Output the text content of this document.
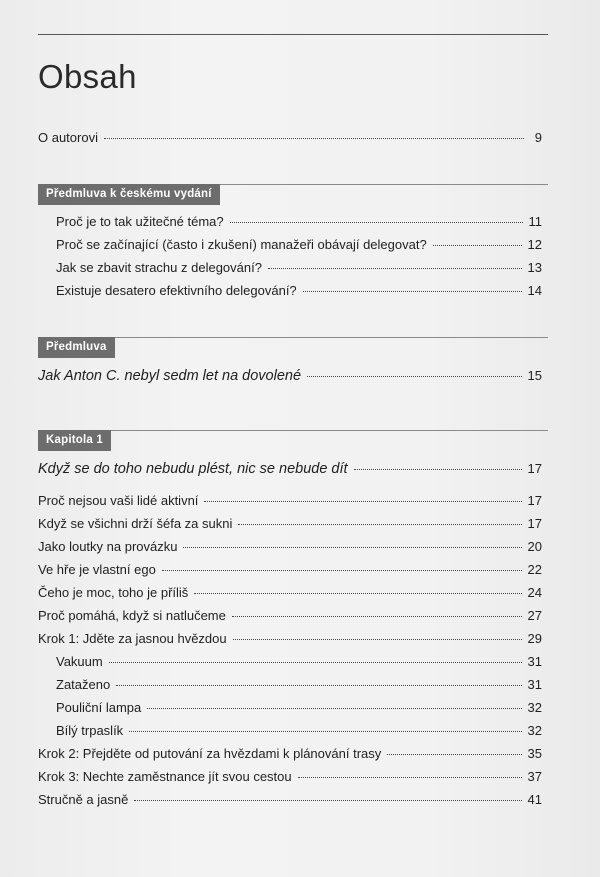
Obsah
O autorovi	9
Předmluva k českému vydání
Proč je to tak užitečné téma?	11
Proč se začínající (často i zkušení) manažeři obávají delegovat?	12
Jak se zbavit strachu z delegování?	13
Existuje desatero efektivního delegování?	14
Předmluva
Jak Anton C. nebyl sedm let na dovolené	15
Kapitola 1
Když se do toho nebudu plést, nic se nebude dít	17
Proč nejsou vaši lidé aktivní	17
Když se všichni drží šéfa za sukni	17
Jako loutky na provázku	20
Ve hře je vlastní ego	22
Čeho je moc, toho je příliš	24
Proč pomáhá, když si natlučeme	27
Krok 1: Jděte za jasnou hvězdou	29
Vakuum	31
Zataženo	31
Pouliční lampa	32
Bílý trpaslík	32
Krok 2: Přejděte od putování za hvězdami k plánování trasy	35
Krok 3: Nechte zaměstnance jít svou cestou	37
Stručně a jasně	41
